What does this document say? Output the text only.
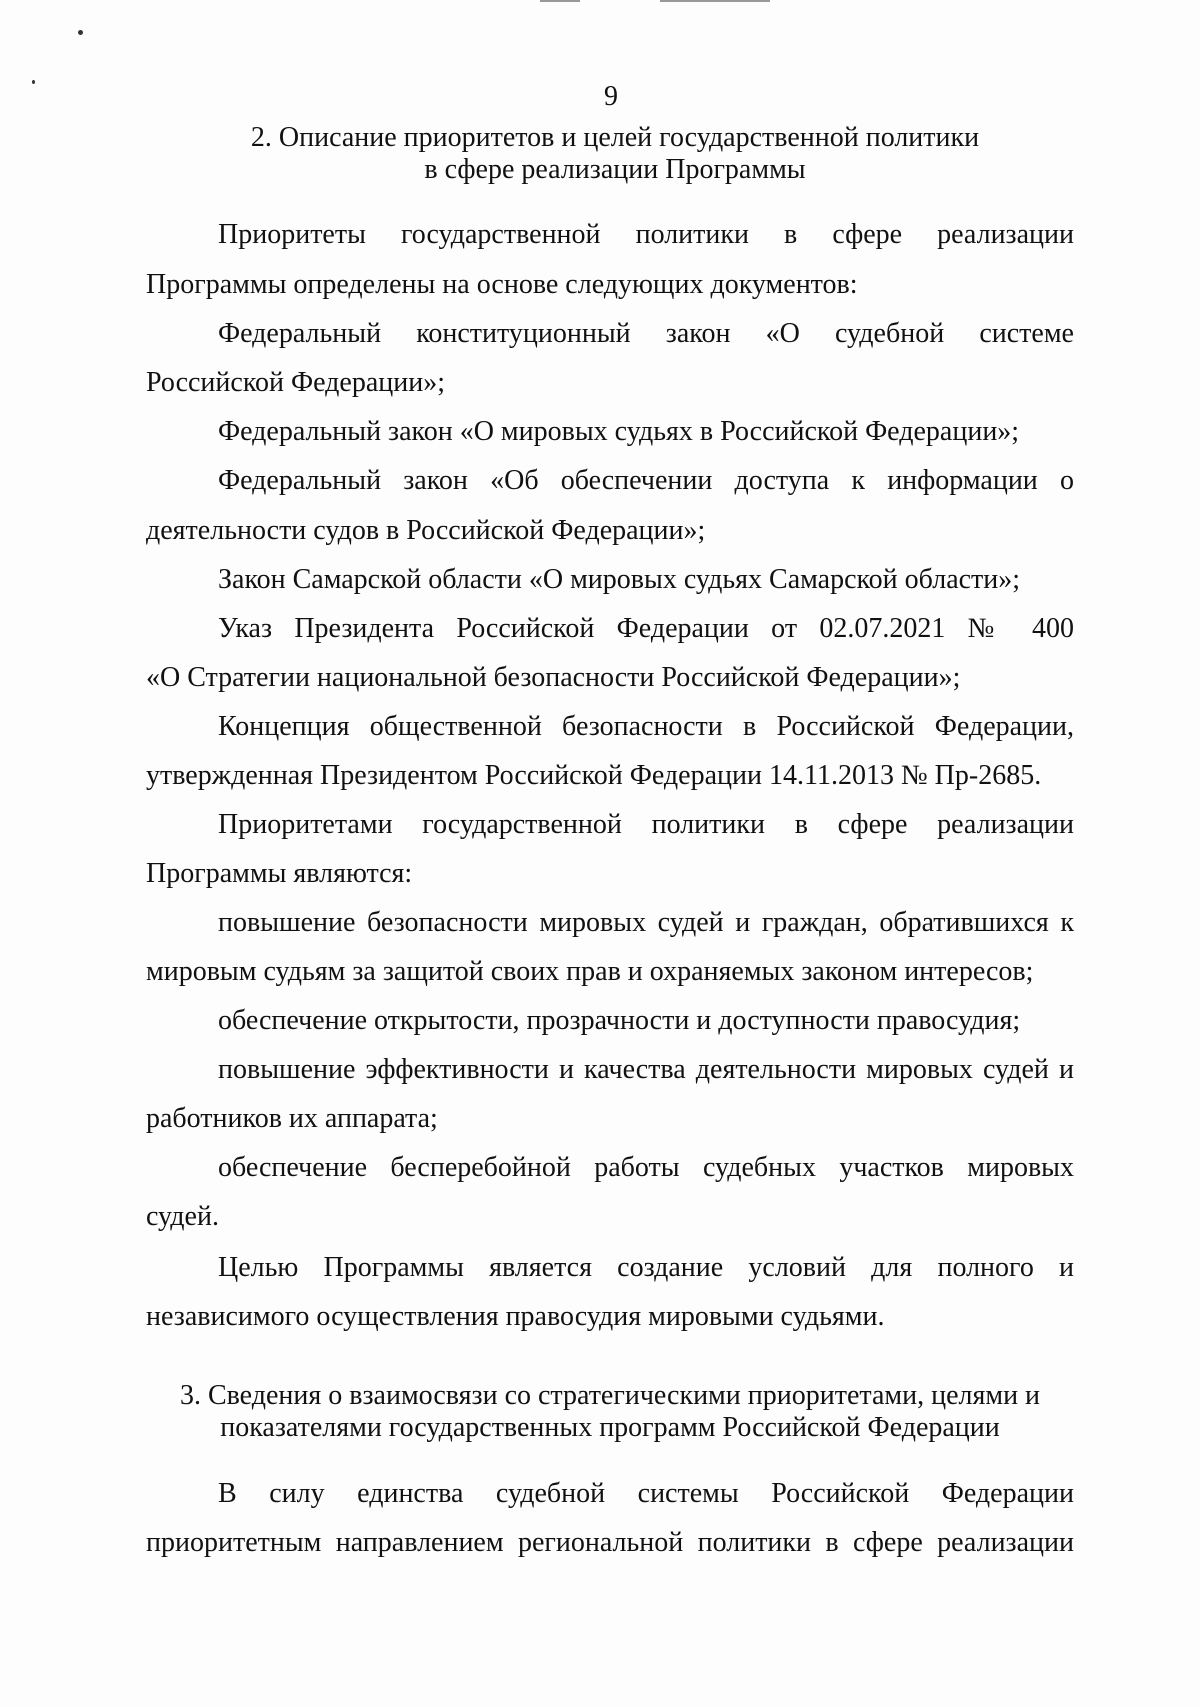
9
2. Описание приоритетов и целей государственной политики
в сфере реализации Программы
Приоритеты государственной политики в сфере реализации
Программы определены на основе следующих документов:
Федеральный конституционный закон «О судебной системе
Российской Федерации»;
Федеральный закон «О мировых судьях в Российской Федерации»;
Федеральный закон «Об обеспечении доступа к информации о
деятельности судов в Российской Федерации»;
Закон Самарской области «О мировых судьях Самарской области»;
Указ Президента Российской Федерации от 02.07.2021 № 400
«О Стратегии национальной безопасности Российской Федерации»;
Концепция общественной безопасности в Российской Федерации,
утвержденная Президентом Российской Федерации 14.11.2013 № Пр-2685.
Приоритетами государственной политики в сфере реализации
Программы являются:
повышение безопасности мировых судей и граждан, обратившихся к
мировым судьям за защитой своих прав и охраняемых законом интересов;
обеспечение открытости, прозрачности и доступности правосудия;
повышение эффективности и качества деятельности мировых судей и
работников их аппарата;
обеспечение бесперебойной работы судебных участков мировых
судей.
Целью Программы является создание условий для полного и
независимого осуществления правосудия мировыми судьями.
3. Сведения о взаимосвязи со стратегическими приоритетами, целями и
показателями государственных программ Российской Федерации
В силу единства судебной системы Российской Федерации
приоритетным направлением региональной политики в сфере реализации
